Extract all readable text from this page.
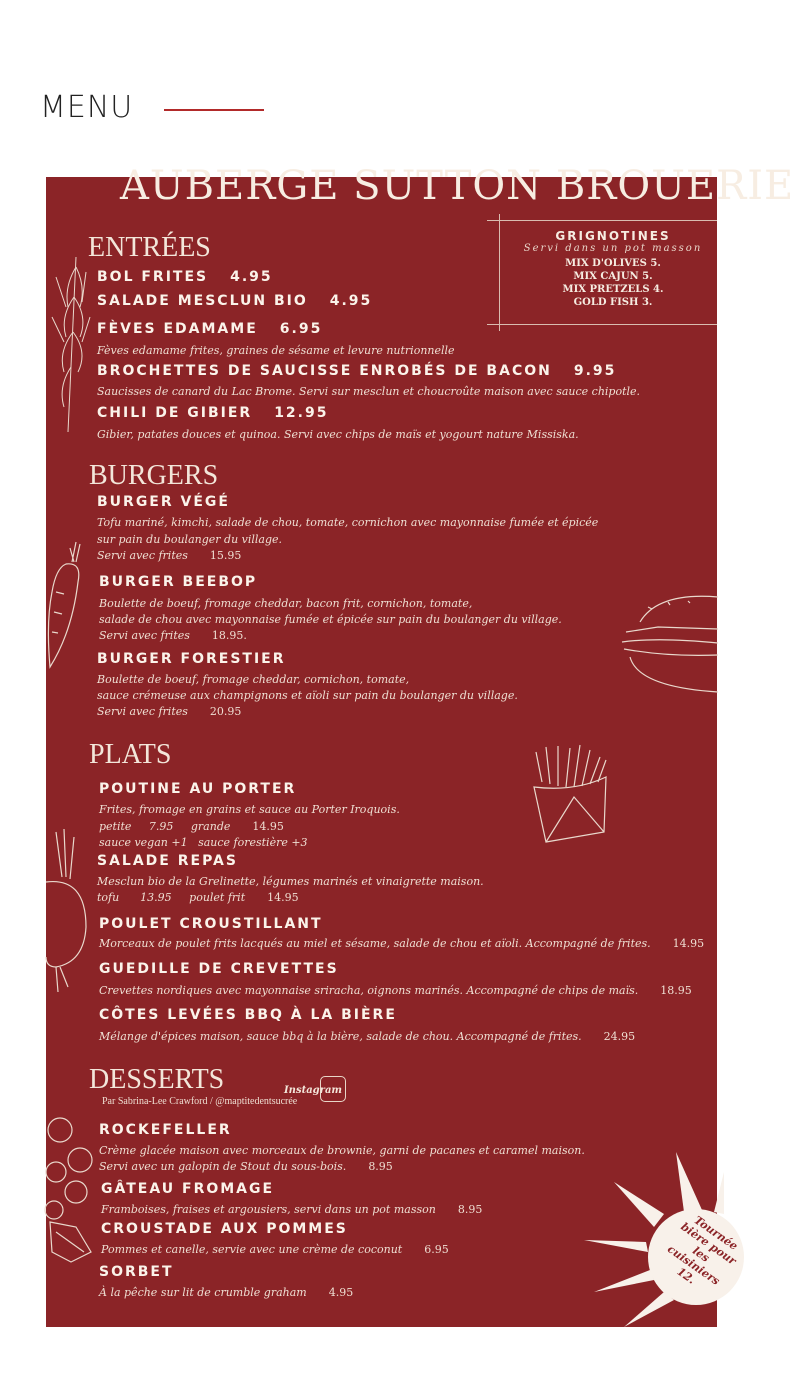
MENU
AUBERGE SUTTON BROUERIE
GRIGNOTINES
Servi dans un pot masson
MIX D'OLIVES 5.
MIX CAJUN 5.
MIX PRETZELS 4.
GOLD FISH 3.
ENTRÉES
BOL FRITES 4.95
SALADE MESCLUN BIO 4.95
FÈVES EDAMAME 6.95
Fèves edamame frites, graines de sésame et levure nutrionnelle
BROCHETTES DE SAUCISSE ENROBÉS DE BACON 9.95
Saucisses de canard du Lac Brome. Servi sur mesclun et choucroûte maison avec sauce chipotle.
CHILI DE GIBIER 12.95
Gibier, patates douces et quinoa. Servi avec chips de maïs et yogourt nature Missiska.
BURGERS
BURGER VÉGÉ
Tofu mariné, kimchi, salade de chou, tomate, cornichon avec mayonnaise fumée et épicée
sur pain du boulanger du village.
Servi avec frites 15.95
BURGER BEEBOP
Boulette de boeuf, fromage cheddar, bacon frit, cornichon, tomate,
salade de chou avec mayonnaise fumée et épicée sur pain du boulanger du village.
Servi avec frites 18.95.
BURGER FORESTIER
Boulette de boeuf, fromage cheddar, cornichon, tomate,
sauce crémeuse aux champignons et aïoli sur pain du boulanger du village.
Servi avec frites 20.95
PLATS
POUTINE AU PORTER
Frites, fromage en grains et sauce au Porter Iroquois.
petite     7.95     grande 14.95
sauce vegan +1   sauce forestière +3
SALADE REPAS
Mesclun bio de la Grelinette, légumes marinés et vinaigrette maison.
tofu      13.95     poulet frit 14.95
POULET CROUSTILLANT
Morceaux de poulet frits lacqués au miel et sésame, salade de chou et aïoli. Accompagné de frites. 14.95
GUEDILLE DE CREVETTES
Crevettes nordiques avec mayonnaise sriracha, oignons marinés. Accompagné de chips de maïs. 18.95
CÔTES LEVÉES BBQ À LA BIÈRE
Mélange d'épices maison, sauce bbq à la bière, salade de chou. Accompagné de frites. 24.95
DESSERTS
ROCKEFELLER
Crème glacée maison avec morceaux de brownie, garni de pacanes et caramel maison.
Servi avec un galopin de Stout du sous-bois. 8.95
GÂTEAU FROMAGE
Framboises, fraises et argousiers, servi dans un pot masson 8.95
CROUSTADE AUX POMMES
Pommes et canelle, servie avec une crème de coconut 6.95
SORBET
À la pêche sur lit de crumble graham 4.95
Par Sabrina-Lee Crawford / @maptitedentsucrée
Instagram
Tournée bière pour les cuisiniers 12.
